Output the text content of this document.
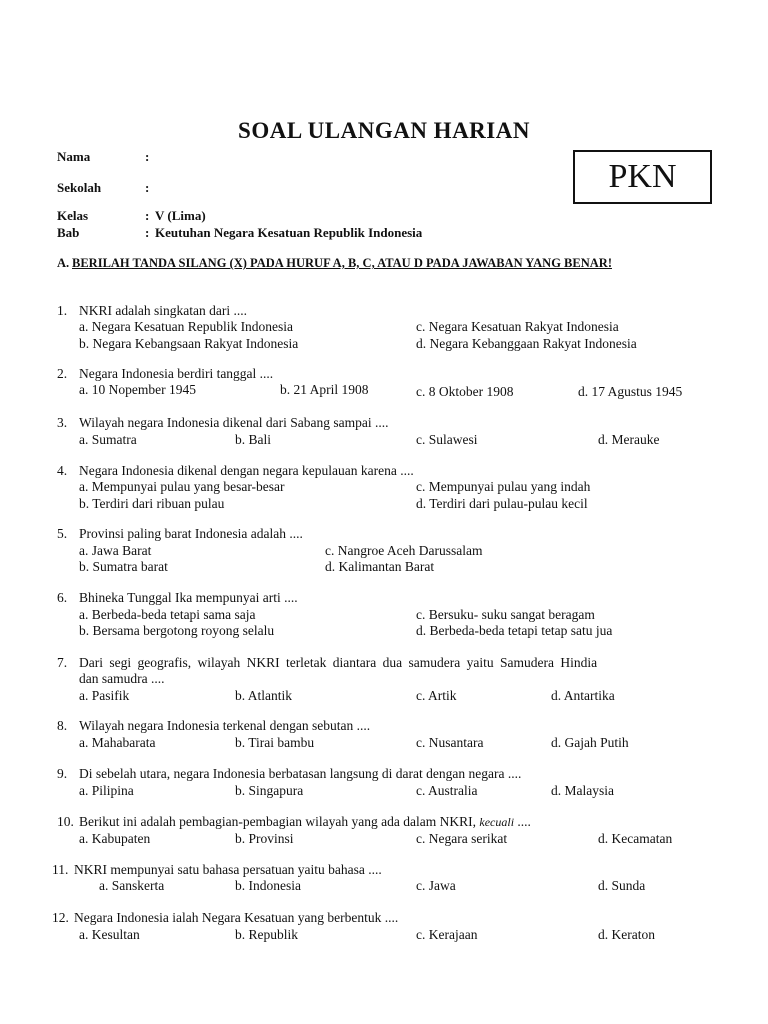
SOAL ULANGAN HARIAN
PKN
Nama	:
Sekolah	:
Kelas	: V (Lima)
Bab	: Keutuhan Negara Kesatuan Republik Indonesia
A. BERILAH TANDA SILANG (X) PADA HURUF A, B, C, ATAU D PADA JAWABAN YANG BENAR!
1. NKRI adalah singkatan dari ....
a. Negara Kesatuan Republik Indonesia
b. Negara Kebangsaan Rakyat Indonesia
c. Negara Kesatuan Rakyat Indonesia
d. Negara Kebanggaan Rakyat Indonesia
2. Negara Indonesia berdiri tanggal ....
a. 10 Nopember 1945	b. 21 April 1908	c. 8 Oktober 1908	d. 17 Agustus 1945
3. Wilayah negara Indonesia dikenal dari Sabang sampai ....
a. Sumatra	b. Bali	c. Sulawesi	d. Merauke
4. Negara Indonesia dikenal dengan negara kepulauan karena ....
a. Mempunyai pulau yang besar-besar
b. Terdiri dari ribuan pulau
c. Mempunyai pulau yang indah
d. Terdiri dari pulau-pulau kecil
5. Provinsi paling barat Indonesia adalah ....
a. Jawa Barat
b. Sumatra barat
c. Nangroe Aceh Darussalam
d. Kalimantan Barat
6. Bhineka Tunggal Ika mempunyai arti ....
a. Berbeda-beda tetapi sama saja
b. Bersama bergotong royong selalu
c. Bersuku- suku sangat beragam
d. Berbeda-beda tetapi tetap satu jua
7. Dari segi geografis, wilayah NKRI terletak diantara dua samudera yaitu Samudera Hindia
dan samudra ....
a. Pasifik	b. Atlantik	c. Artik	d. Antartika
8. Wilayah negara Indonesia terkenal dengan sebutan ....
a. Mahabarata	b. Tirai bambu	c. Nusantara	d. Gajah Putih
9. Di sebelah utara, negara Indonesia berbatasan langsung di darat dengan negara ....
a. Pilipina	b. Singapura	c. Australia	d. Malaysia
10. Berikut ini adalah pembagian-pembagian wilayah yang ada dalam NKRI, kecuali ....
a. Kabupaten	b. Provinsi	c. Negara serikat	d. Kecamatan
11. NKRI mempunyai satu bahasa persatuan yaitu bahasa ....
a. Sanskerta	b. Indonesia	c. Jawa	d. Sunda
12. Negara Indonesia ialah Negara Kesatuan yang berbentuk ....
a. Kesultan	b. Republik	c. Kerajaan	d. Keraton
